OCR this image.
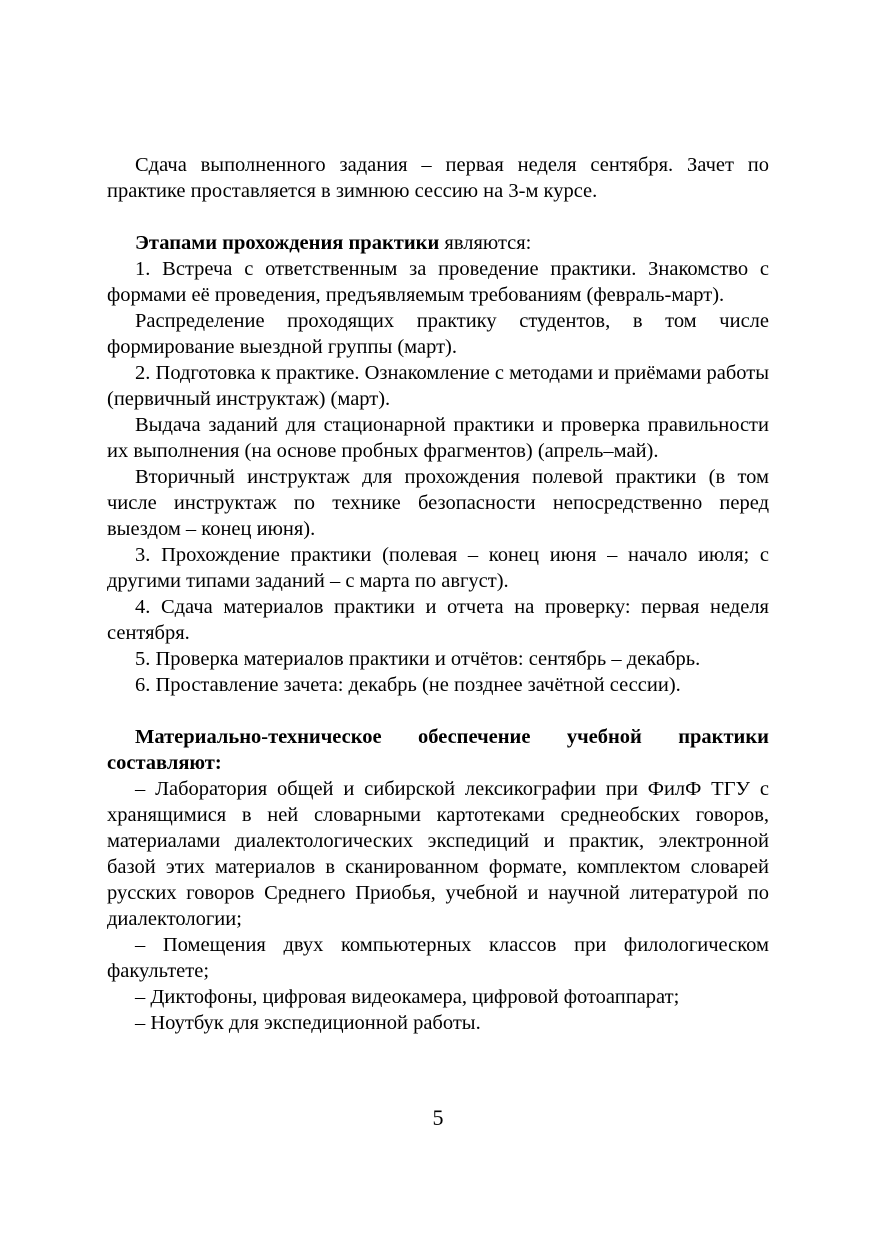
Сдача выполненного задания – первая неделя сентября. Зачет по практике проставляется в зимнюю сессию на 3-м курсе.

Этапами прохождения практики являются:

1. Встреча с ответственным за проведение практики. Знакомство с формами её проведения, предъявляемым требованиям (февраль-март).

Распределение проходящих практику студентов, в том числе формирование выездной группы (март).

2. Подготовка к практике. Ознакомление с методами и приёмами работы (первичный инструктаж) (март).

Выдача заданий для стационарной практики и проверка правильности их выполнения (на основе пробных фрагментов) (апрель–май).

Вторичный инструктаж для прохождения полевой практики (в том числе инструктаж по технике безопасности непосредственно перед выездом – конец июня).

3. Прохождение практики (полевая – конец июня – начало июля; с другими типами заданий – с марта по август).

4. Сдача материалов практики и отчета на проверку: первая неделя сентября.

5. Проверка материалов практики и отчётов: сентябрь – декабрь.

6. Проставление зачета: декабрь (не позднее зачётной сессии).

Материально-техническое обеспечение учебной практики составляют:

– Лаборатория общей и сибирской лексикографии при ФилФ ТГУ с хранящимися в ней словарными картотеками среднеобских говоров, материалами диалектологических экспедиций и практик, электронной базой этих материалов в сканированном формате, комплектом словарей русских говоров Среднего Приобья, учебной и научной литературой по диалектологии;

– Помещения двух компьютерных классов при филологическом факультете;

– Диктофоны, цифровая видеокамера, цифровой фотоаппарат;

– Ноутбук для экспедиционной работы.

5
